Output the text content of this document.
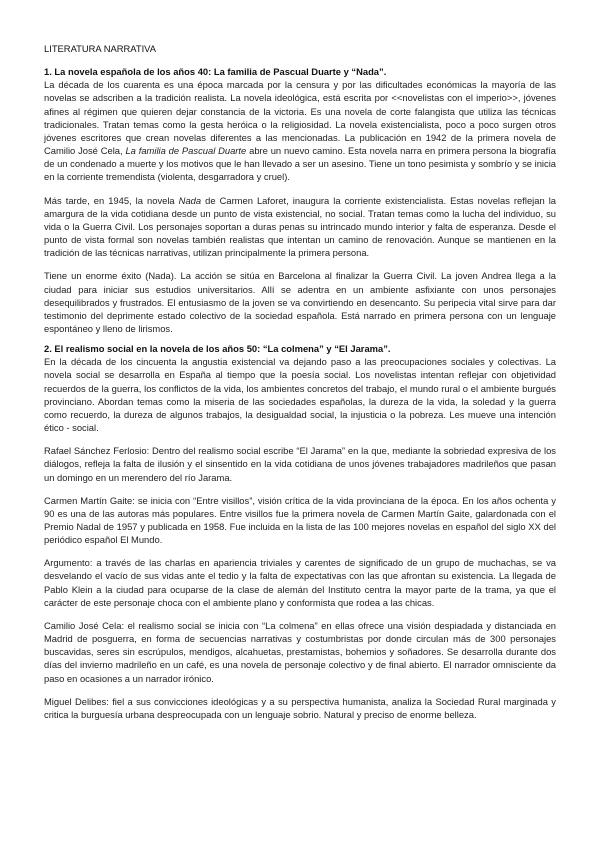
LITERATURA NARRATIVA

1. La novela española de los años 40: La familia de Pascual Duarte y “Nada”.

La década de los cuarenta es una época marcada por la censura y por las dificultades económicas la mayoría de las novelas se adscriben a la tradición realista. La novela ideológica, está escrita por <<novelistas con el imperio>>, jóvenes afines al régimen que quieren dejar constancia de la victoria. Es una novela de corte falangista que utiliza las técnicas tradicionales. Tratan temas como la gesta heróica o la religiosidad. La novela existencialista, poco a poco surgen otros jóvenes escritores que crean novelas diferentes a las mencionadas. La publicación en 1942 de la primera novela de Camilio José Cela, La familia de Pascual Duarte abre un nuevo camino. Esta novela narra en primera persona la biografía de un condenado a muerte y los motivos que le han llevado a ser un asesino. Tiene un tono pesimista y sombrío y se inicia en la corriente tremendista (violenta, desgarradora y cruel).

Más tarde, en 1945, la novela Nada de Carmen Laforet, inaugura la corriente existencialista. Estas novelas reflejan la amargura de la vida cotidiana desde un punto de vista existencial, no social. Tratan temas como la lucha del individuo, su vida o la Guerra Civil. Los personajes soportan a duras penas su intrincado mundo interior y falta de esperanza. Desde el punto de vista formal son novelas también realistas que intentan un camino de renovación. Aunque se mantienen en la tradición de las técnicas narrativas, utilizan principalmente la primera persona.

Tiene un enorme éxito (Nada). La acción se sitúa en Barcelona al finalizar la Guerra Civil. La joven Andrea llega a la ciudad para iniciar sus estudios universitarios. Allí se adentra en un ambiente asfixiante con unos personajes desequilibrados y frustrados. El entusiasmo de la joven se va convirtiendo en desencanto. Su peripecia vital sirve para dar testimonio del deprimente estado colectivo de la sociedad española. Está narrado en primera persona con un lenguaje espontáneo y lleno de lirismos.

2. El realismo social en la novela de los años 50: “La colmena” y “El Jarama”.

En la década de los cincuenta la angustia existencial va dejando paso a las preocupaciones sociales y colectivas. La novela social se desarrolla en España al tiempo que la poesía social. Los novelistas intentan reflejar con objetividad recuerdos de la guerra, los conflictos de la vida, los ambientes concretos del trabajo, el mundo rural o el ambiente burgués provinciano. Abordan temas como la miseria de las sociedades españolas, la dureza de la vida, la soledad y la guerra como recuerdo, la dureza de algunos trabajos, la desigualdad social, la injusticia o la pobreza. Les mueve una intención ético - social.

Rafael Sánchez Ferlosio: Dentro del realismo social escribe “El Jarama” en la que, mediante la sobriedad expresiva de los diálogos, refleja la falta de ilusión y el sinsentido en la vida cotidiana de unos jóvenes trabajadores madrileños que pasan un domingo en un merendero del río Jarama.

Carmen Martín Gaite: se inicia con “Entre visillos”, visión crítica de la vida provinciana de la época. En los años ochenta y 90 es una de las autoras más populares. Entre visillos fue la primera novela de Carmen Martín Gaite, galardonada con el Premio Nadal de 1957 y publicada en 1958. Fue incluida en la lista de las 100 mejores novelas en español del siglo XX del periódico español El Mundo.

Argumento: a través de las charlas en apariencia triviales y carentes de significado de un grupo de muchachas, se va desvelando el vacío de sus vidas ante el tedio y la falta de expectativas con las que afrontan su existencia. La llegada de Pablo Klein a la ciudad para ocuparse de la clase de alemán del Instituto centra la mayor parte de la trama, ya que el carácter de este personaje choca con el ambiente plano y conformista que rodea a las chicas.

Camilio José Cela: el realismo social se inicia con “La colmena” en ellas ofrece una visión despiadada y distanciada en Madrid de posguerra, en forma de secuencias narrativas y costumbristas por donde circulan más de 300 personajes buscavidas, seres sin escrúpulos, mendigos, alcahuetas, prestamistas, bohemios y soñadores. Se desarrolla durante dos días del invierno madrileño en un café, es una novela de personaje colectivo y de final abierto. El narrador omnisciente da paso en ocasiones a un narrador irónico.

Miguel Delibes: fiel a sus convicciones ideológicas y a su perspectiva humanista, analiza la Sociedad Rural marginada y critica la burguesía urbana despreocupada con un lenguaje sobrio. Natural y preciso de enorme belleza.
